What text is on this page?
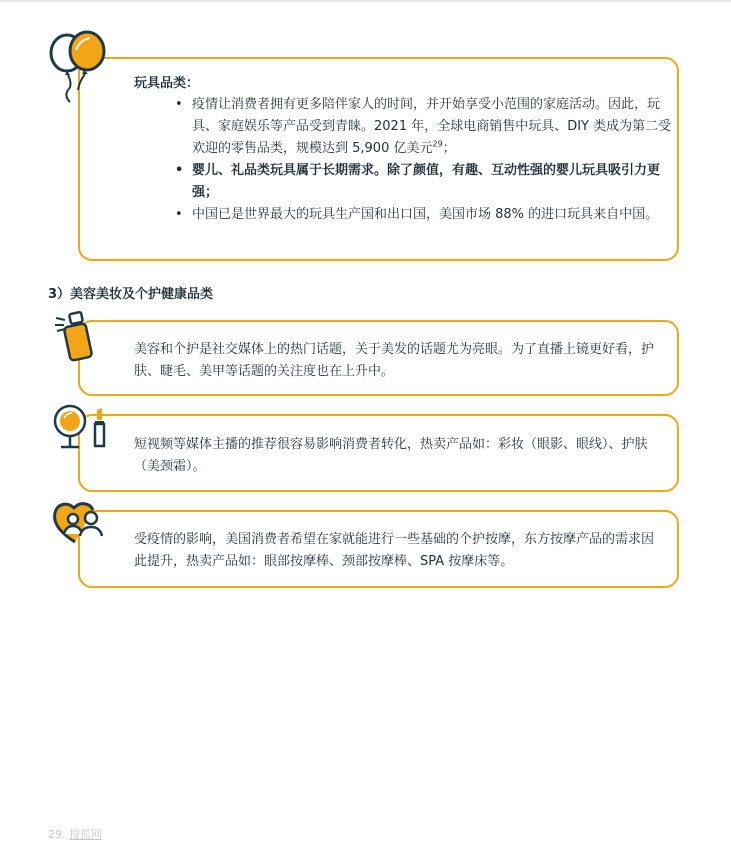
玩具品类：
• 疫情让消费者拥有更多陪伴家人的时间，并开始享受小范围的家庭活动。因此，玩具、家庭娱乐等产品受到青睐。2021 年，全球电商销售中玩具、DIY 类成为第二受欢迎的零售品类，规模达到 5,900 亿美元$^{29}$；
• 婴儿、礼品类玩具属于长期需求。除了颜值，有趣、互动性强的婴儿玩具吸引力更强；
• 中国已是世界最大的玩具生产国和出口国，美国市场 88% 的进口玩具来自中国。
3）美容美妆及个护健康品类
美容和个护是社交媒体上的热门话题，关于美发的话题尤为亮眼。为了直播上镜更好看，护肤、睫毛、美甲等话题的关注度也在上升中。
短视频等媒体主播的推荐很容易影响消费者转化，热卖产品如：彩妆（眼影、眼线）、护肤（美颈霜）。
受疫情的影响，美国消费者希望在家就能进行一些基础的个护按摩，东方按摩产品的需求因此提升，热卖产品如：眼部按摩棒、颈部按摩棒、SPA 按摩床等。
29. 搜狐网
